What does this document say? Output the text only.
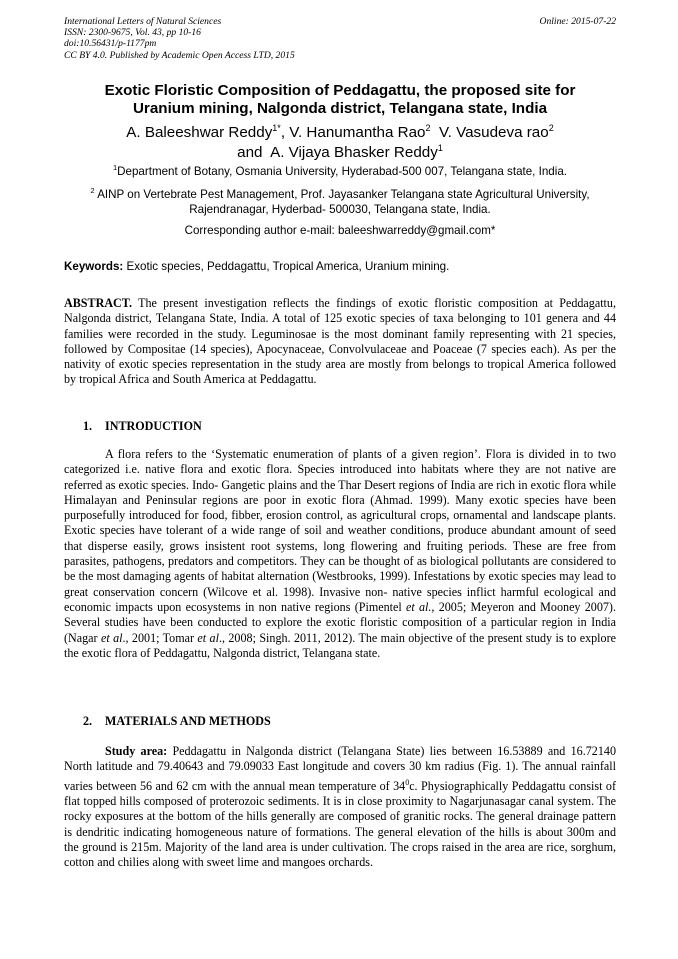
International Letters of Natural Sciences
ISSN: 2300-9675, Vol. 43, pp 10-16
doi:10.56431/p-1177pm
CC BY 4.0. Published by Academic Open Access LTD, 2015
Online: 2015-07-22
Exotic Floristic Composition of Peddagattu, the proposed site for
Uranium mining, Nalgonda district, Telangana state, India
A. Baleeshwar Reddy$^{1*}$, V. Hanumantha Rao$^2$  V. Vasudeva rao$^2$
and  A. Vijaya Bhasker Reddy$^1$
$^1$Department of Botany, Osmania University, Hyderabad-500 007, Telangana state, India.
$^2$ AINP on Vertebrate Pest Management, Prof. Jayasanker Telangana state Agricultural University,
Rajendranagar, Hyderbad- 500030, Telangana state, India.
Corresponding author e-mail: baleeshwarreddy@gmail.com*
Keywords: Exotic species, Peddagattu, Tropical America, Uranium mining.
ABSTRACT. The present investigation reflects the findings of exotic floristic composition at Peddagattu, Nalgonda district, Telangana State, India. A total of 125 exotic species of taxa belonging to 101 genera and 44 families were recorded in the study. Leguminosae is the most dominant family representing with 21 species, followed by Compositae (14 species), Apocynaceae, Convolvulaceae and Poaceae (7 species each). As per the nativity of exotic species representation in the study area are mostly from belongs to tropical America followed by tropical Africa and South America at Peddagattu.
1. INTRODUCTION
A flora refers to the ‘Systematic enumeration of plants of a given region’. Flora is divided in to two categorized i.e. native flora and exotic flora. Species introduced into habitats where they are not native are referred as exotic species. Indo- Gangetic plains and the Thar Desert regions of India are rich in exotic flora while Himalayan and Peninsular regions are poor in exotic flora (Ahmad. 1999). Many exotic species have been purposefully introduced for food, fibber, erosion control, as agricultural crops, ornamental and landscape plants. Exotic species have tolerant of a wide range of soil and weather conditions, produce abundant amount of seed that disperse easily, grows insistent root systems, long flowering and fruiting periods. These are free from parasites, pathogens, predators and competitors. They can be thought of as biological pollutants are considered to be the most damaging agents of habitat alternation (Westbrooks, 1999). Infestations by exotic species may lead to great conservation concern (Wilcove et al. 1998). Invasive non- native species inflict harmful ecological and economic impacts upon ecosystems in non native regions (Pimentel et al., 2005; Meyeron and Mooney 2007). Several studies have been conducted to explore the exotic floristic composition of a particular region in India (Nagar et al., 2001; Tomar et al., 2008; Singh. 2011, 2012). The main objective of the present study is to explore the exotic flora of Peddagattu, Nalgonda district, Telangana state.
2. MATERIALS AND METHODS
Study area: Peddagattu in Nalgonda district (Telangana State) lies between 16.53889 and 16.72140 North latitude and 79.40643 and 79.09033 East longitude and covers 30 km radius (Fig. 1). The annual rainfall varies between 56 and 62 cm with the annual mean temperature of $34^0c$. Physiographically Peddagattu consist of flat topped hills composed of proterozoic sediments. It is in close proximity to Nagarjunasagar canal system. The rocky exposures at the bottom of the hills generally are composed of granitic rocks. The general drainage pattern is dendritic indicating homogeneous nature of formations. The general elevation of the hills is about 300m and the ground is 215m. Majority of the land area is under cultivation. The crops raised in the area are rice, sorghum, cotton and chilies along with sweet lime and mangoes orchards.
